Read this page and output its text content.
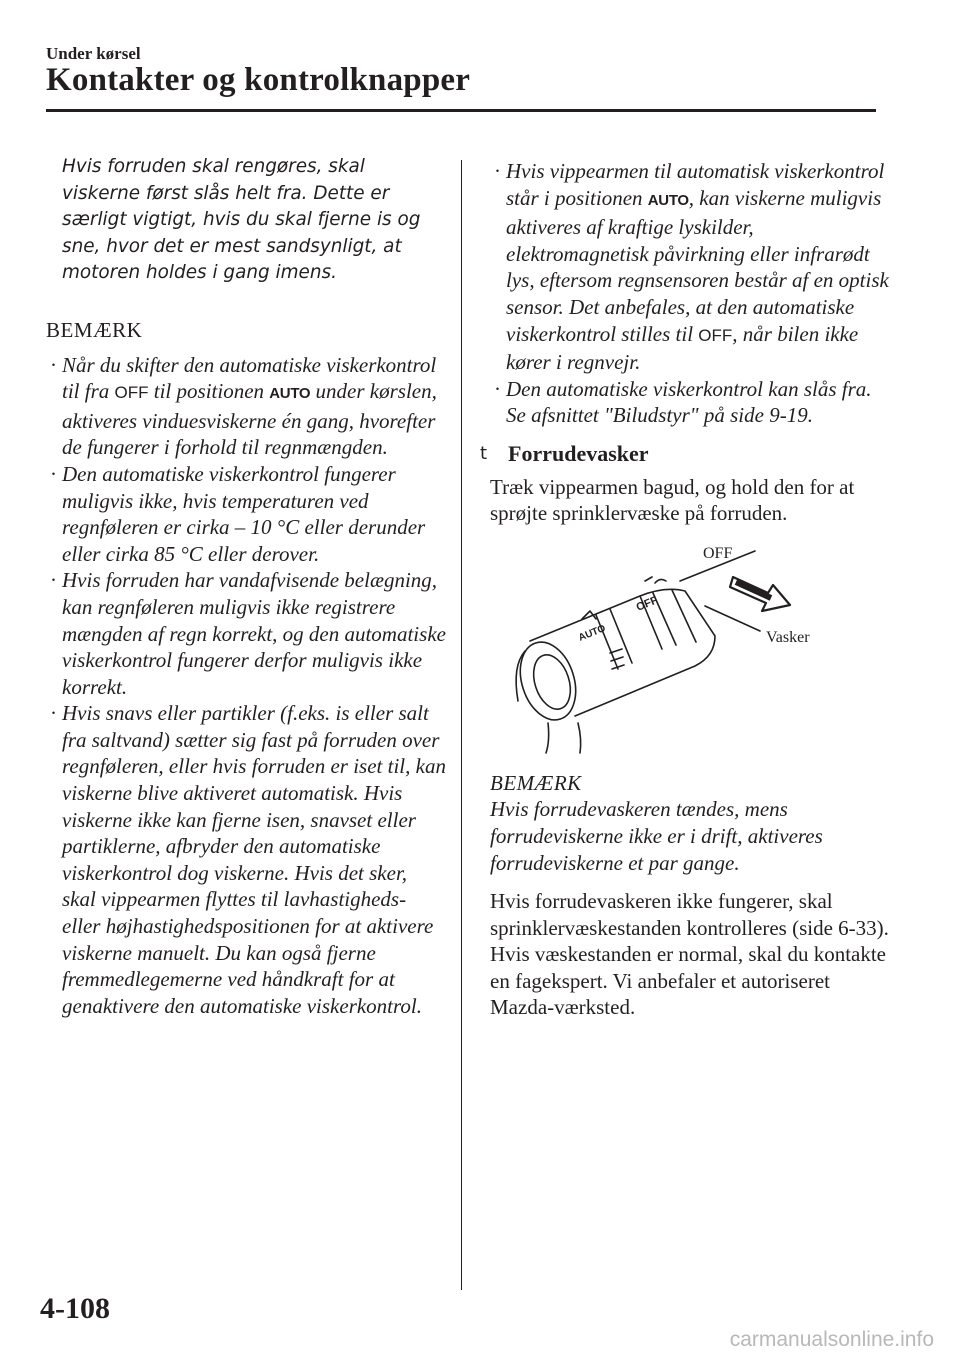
Under kørsel
Kontakter og kontrolknapper

Hvis forruden skal rengøres, skal viskerne først slås helt fra. Dette er særligt vigtigt, hvis du skal fjerne is og sne, hvor det er mest sandsynligt, at motoren holdes i gang imens.

BEMÆRK
· Når du skifter den automatiske viskerkontrol til fra OFF til positionen AUTO under kørslen, aktiveres vinduesviskerne én gang, hvorefter de fungerer i forhold til regnmængden.
· Den automatiske viskerkontrol fungerer muligvis ikke, hvis temperaturen ved regnføleren er cirka – 10 °C eller derunder eller cirka 85 °C eller derover.
· Hvis forruden har vandafvisende belægning, kan regnføleren muligvis ikke registrere mængden af regn korrekt, og den automatiske viskerkontrol fungerer derfor muligvis ikke korrekt.
· Hvis snavs eller partikler (f.eks. is eller salt fra saltvand) sætter sig fast på forruden over regnføleren, eller hvis forruden er iset til, kan viskerne blive aktiveret automatisk. Hvis viskerne ikke kan fjerne isen, snavset eller partiklerne, afbryder den automatiske viskerkontrol dog viskerne. Hvis det sker, skal vippearmen flyttes til lavhastigheds- eller højhastighedspositionen for at aktivere viskerne manuelt. Du kan også fjerne fremmedlegemerne ved håndkraft for at genaktivere den automatiske viskerkontrol.
· Hvis vippearmen til automatisk viskerkontrol står i positionen AUTO, kan viskerne muligvis aktiveres af kraftige lyskilder, elektromagnetisk påvirkning eller infrarødt lys, eftersom regnsensoren består af en optisk sensor. Det anbefales, at den automatiske viskerkontrol stilles til OFF, når bilen ikke kører i regnvejr.
· Den automatiske viskerkontrol kan slås fra.
Se afsnittet "Biludstyr" på side 9-19.
t Forrudevasker

Træk vippearmen bagud, og hold den for at sprøjte sprinklervæske på forruden.

OFF
AUTO
OFF
Vasker
BEMÆRK

Hvis forrudevaskeren tændes, mens forrudeviskerne ikke er i drift, aktiveres forrudeviskerne et par gange.

Hvis forrudevaskeren ikke fungerer, skal sprinklervæskestanden kontrolleres (side 6-33). Hvis væskestanden er normal, skal du kontakte en fagekspert. Vi anbefaler et autoriseret Mazda-værksted.

4-108
carmanualsonline.info
